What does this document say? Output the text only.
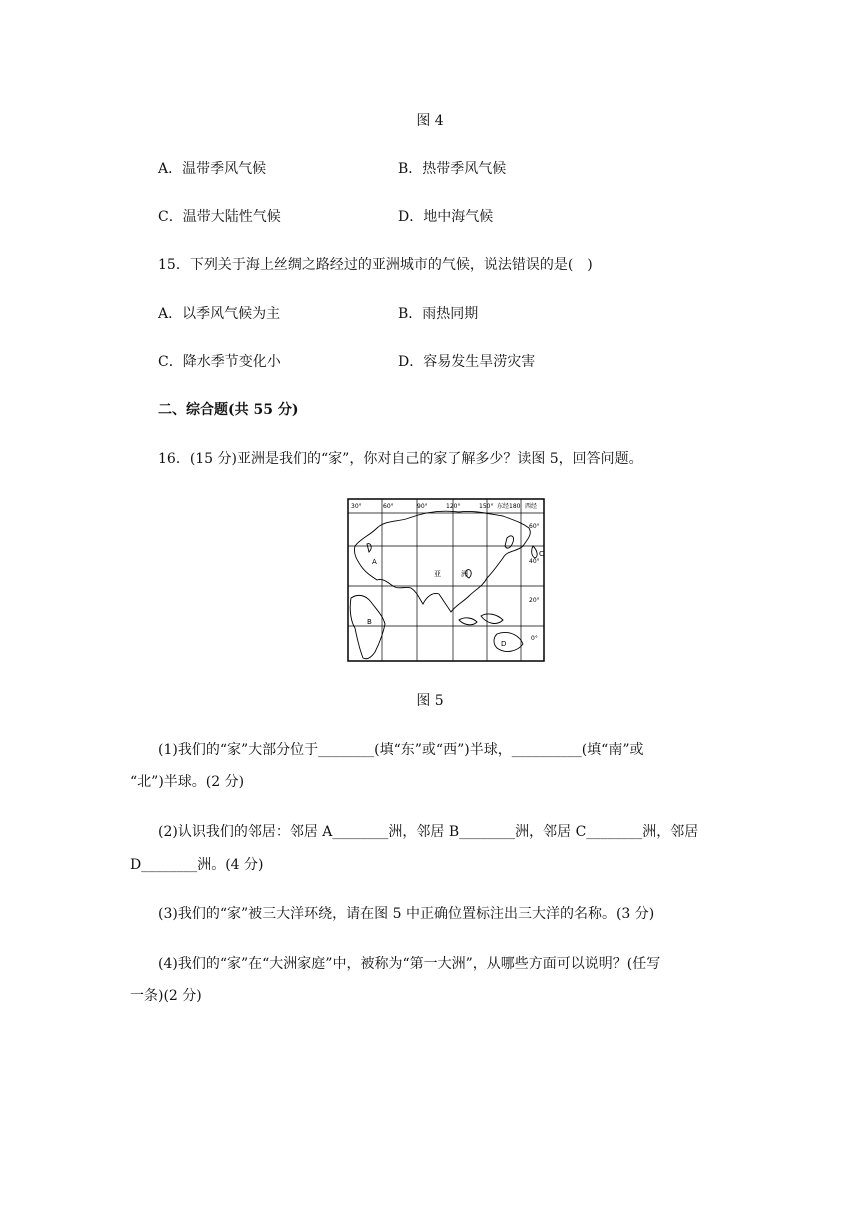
图 4
A．温带季风气候	B．热带季风气候
C．温带大陆性气候	D．地中海气候
15．下列关于海上丝绸之路经过的亚洲城市的气候，说法错误的是(　)
A．以季风气候为主	B．雨热同期
C．降水季节变化小	D．容易发生旱涝灾害
二、综合题(共 55 分)
16．(15 分)亚洲是我们的“家”，你对自己的家了解多少？读图 5，回答问题。
30°	60°	90°	120°	150° 东经180 西经
60°
40°
20°
0°
A
B
C
D
亚	洲
图 5
(1)我们的“家”大部分位于________(填“东”或“西”)半球，__________(填“南”或
“北”)半球。(2 分)
(2)认识我们的邻居：邻居 A________洲，邻居 B________洲，邻居 C________洲，邻居
D________洲。(4 分)
(3)我们的“家”被三大洋环绕，请在图 5 中正确位置标注出三大洋的名称。(3 分)
(4)我们的“家”在“大洲家庭”中，被称为“第一大洲”，从哪些方面可以说明？(任写
一条)(2 分)
